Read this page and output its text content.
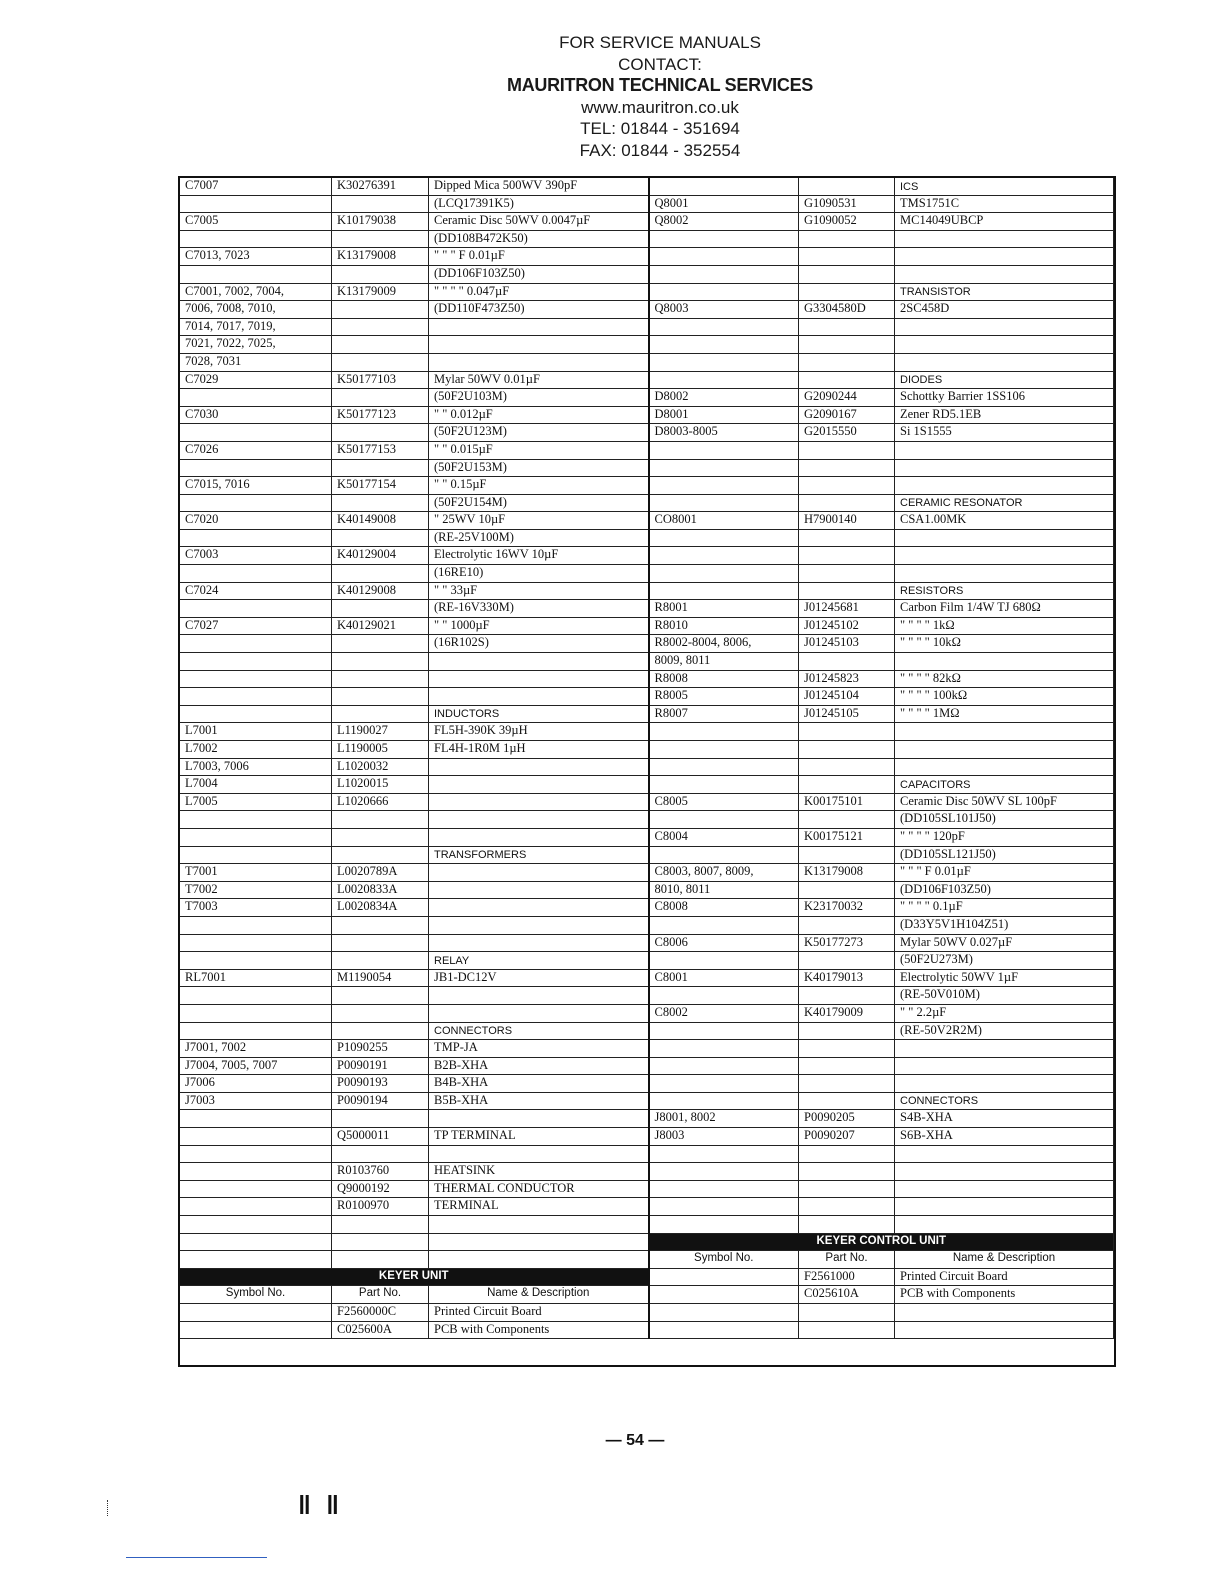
FOR SERVICE MANUALS
CONTACT:
MAURITRON TECHNICAL SERVICES
www.mauritron.co.uk
TEL: 01844 - 351694
FAX: 01844 - 352554
C7007	K30276391	Dipped Mica 500WV 390pF			ICS
		(LCQ17391K5)	Q8001	G1090531	TMS1751C
C7005	K10179038	Ceramic Disc 50WV 0.0047µF	Q8002	G1090052	MC14049UBCP
		(DD108B472K50)			
C7013, 7023	K13179008	" " " F 0.01µF			
		(DD106F103Z50)			
C7001, 7002, 7004,	K13179009	" " " " 0.047µF			TRANSISTOR
7006, 7008, 7010,		(DD110F473Z50)	Q8003	G3304580D	2SC458D
7014, 7017, 7019,					
7021, 7022, 7025,					
7028, 7031					
C7029	K50177103	Mylar 50WV 0.01µF			DIODES
		(50F2U103M)	D8002	G2090244	Schottky Barrier 1SS106
C7030	K50177123	" " 0.012µF	D8001	G2090167	Zener RD5.1EB
		(50F2U123M)	D8003-8005	G2015550	Si 1S1555
C7026	K50177153	" " 0.015µF			
		(50F2U153M)			
C7015, 7016	K50177154	" " 0.15µF			
		(50F2U154M)			CERAMIC RESONATOR
C7020	K40149008	" 25WV 10µF	CO8001	H7900140	CSA1.00MK
		(RE-25V100M)			
C7003	K40129004	Electrolytic 16WV 10µF			
		(16RE10)			
C7024	K40129008	" " 33µF			RESISTORS
		(RE-16V330M)	R8001	J01245681	Carbon Film 1/4W TJ 680Ω
C7027	K40129021	" " 1000µF	R8010	J01245102	" " " " 1kΩ
		(16R102S)	R8002-8004, 8006,	J01245103	" " " " 10kΩ
			8009, 8011		
			R8008	J01245823	" " " " 82kΩ
			R8005	J01245104	" " " " 100kΩ
		INDUCTORS	R8007	J01245105	" " " " 1MΩ
L7001	L1190027	FL5H-390K 39µH			
L7002	L1190005	FL4H-1R0M 1µH			
L7003, 7006	L1020032				
L7004	L1020015				CAPACITORS
L7005	L1020666		C8005	K00175101	Ceramic Disc 50WV SL 100pF
					(DD105SL101J50)
			C8004	K00175121	" " " " 120pF
		TRANSFORMERS			(DD105SL121J50)
T7001	L0020789A		C8003, 8007, 8009,	K13179008	" " " F 0.01µF
T7002	L0020833A		8010, 8011		(DD106F103Z50)
T7003	L0020834A		C8008	K23170032	" " " " 0.1µF
					(D33Y5V1H104Z51)
			C8006	K50177273	Mylar 50WV 0.027µF
		RELAY			(50F2U273M)
RL7001	M1190054	JB1-DC12V	C8001	K40179013	Electrolytic 50WV 1µF
					(RE-50V010M)
			C8002	K40179009	" " 2.2µF
		CONNECTORS			(RE-50V2R2M)
J7001, 7002	P1090255	TMP-JA			
J7004, 7005, 7007	P0090191	B2B-XHA			
J7006	P0090193	B4B-XHA			
J7003	P0090194	B5B-XHA			CONNECTORS
			J8001, 8002	P0090205	S4B-XHA
	Q5000011	TP TERMINAL	J8003	P0090207	S6B-XHA

	R0103760	HEATSINK			
	Q9000192	THERMAL CONDUCTOR			
	R0100970	TERMINAL			

			KEYER CONTROL UNIT		
			Symbol No.	Part No.	Name & Description
KEYER UNIT				F2561000	Printed Circuit Board
Symbol No.	Part No.	Name & Description		C025610A	PCB with Components
	F2560000C	Printed Circuit Board			
	C025600A	PCB with Components			
— 54 —
‖ ‖
